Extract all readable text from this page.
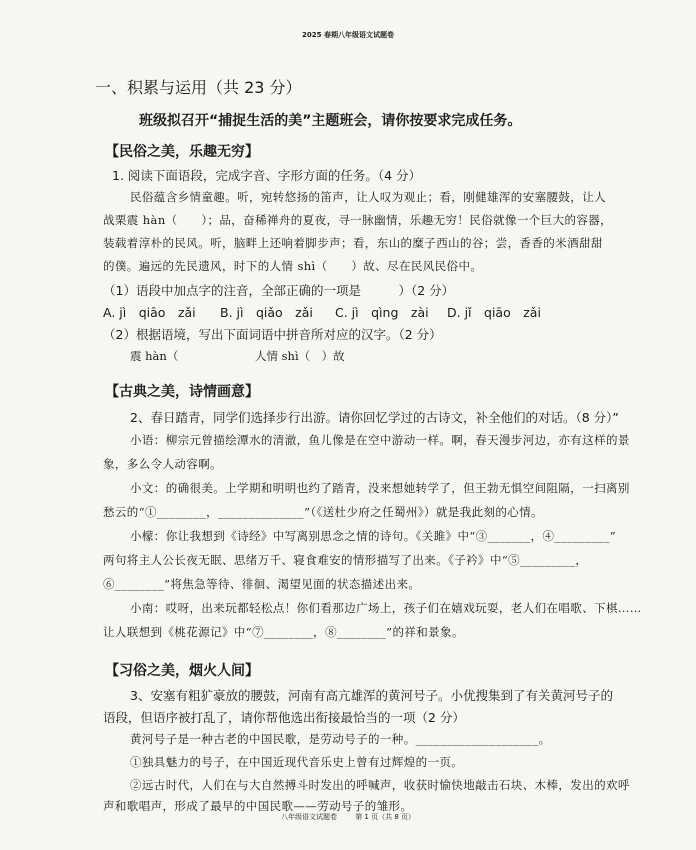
2025 春期八年级语文试题卷
一、积累与运用（共 23 分）
班级拟召开“捕捉生活的美”主题班会，请你按要求完成任务。
【民俗之美，乐趣无穷】
1. 阅读下面语段，完成字音、字形方面的任务。（4 分）
民俗蕴含乡情童趣。听，宛转悠扬的笛声，让人叹为观止；看，刚健雄浑的安塞腰鼓，让人
战栗震 hàn（　　）；品，奋稀禅舟的夏夜，寻一脉幽情，乐趣无穷！民俗就像一个巨大的容器，
装载着淳朴的民风。听，脑畔上还响着脚步声；看，东山的糜子西山的谷；尝，香香的米酒甜甜
的僕。遍远的先民遗风，时下的人情 shì（　　）故、尽在民风民俗中。
（1）语段中加点字的注音，全部正确的一项是　　　）（2 分）
A. jì　qiāo　zǎi B. jì　qiǎo　zǎi C. jì　qìng　zài D. jǐ　qiāo　zǎi
（2）根据语境，写出下面词语中拼音所对应的汉字。（2 分）
震 hàn（	人情 shì（　）故
【古典之美，诗情画意】
2、春日踏青，同学们选择步行出游。请你回忆学过的古诗文，补全他们的对话。（8 分）”
小语：柳宗元曾描绘潭水的清澈，鱼儿像是在空中游动一样。啊，春天漫步河边，亦有这样的景
象，多么令人动容啊。
小文：的确很美。上学期和明明也约了踏青，没来想她转学了，但王勃无惧空间阻隔，一扫离别
愁云的“①________，______________”（《送杜少府之任蜀州》）就是我此刻的心情。
小檬：你让我想到《诗经》中写离别思念之情的诗句。《关雎》中“③_______，④_________”
两句将主人公长夜无眠、思绪万千、寝食难安的情形描写了出来。《子衿》中“⑤_________，
⑥________”将焦急等待、徘徊、渴望见面的状态描述出来。
小南：哎呀，出来玩都轻松点！你们看那边广场上，孩子们在嬉戏玩耍，老人们在唱歌、下棋……
让人联想到《桃花源记》中“⑦________，⑧________”的祥和景象。
【习俗之美，烟火人间】
3、安塞有粗犷豪放的腰鼓，河南有高亢雄浑的黄河号子。小优搜集到了有关黄河号子的
语段，但语序被打乱了，请你帮他选出衔接最恰当的一项（2 分）
黄河号子是一种古老的中国民歌，是劳动号子的一种。____________________。
①独具魅力的号子，在中国近现代音乐史上曾有过辉煌的一页。
②远古时代，人们在与大自然搏斗时发出的呼喊声，收获时愉快地敲击石块、木棒，发出的欢呼
声和歌唱声，形成了最早的中国民歌——劳动号子的雏形。
八年级语文试题卷	第 1 页（共 8 页）
